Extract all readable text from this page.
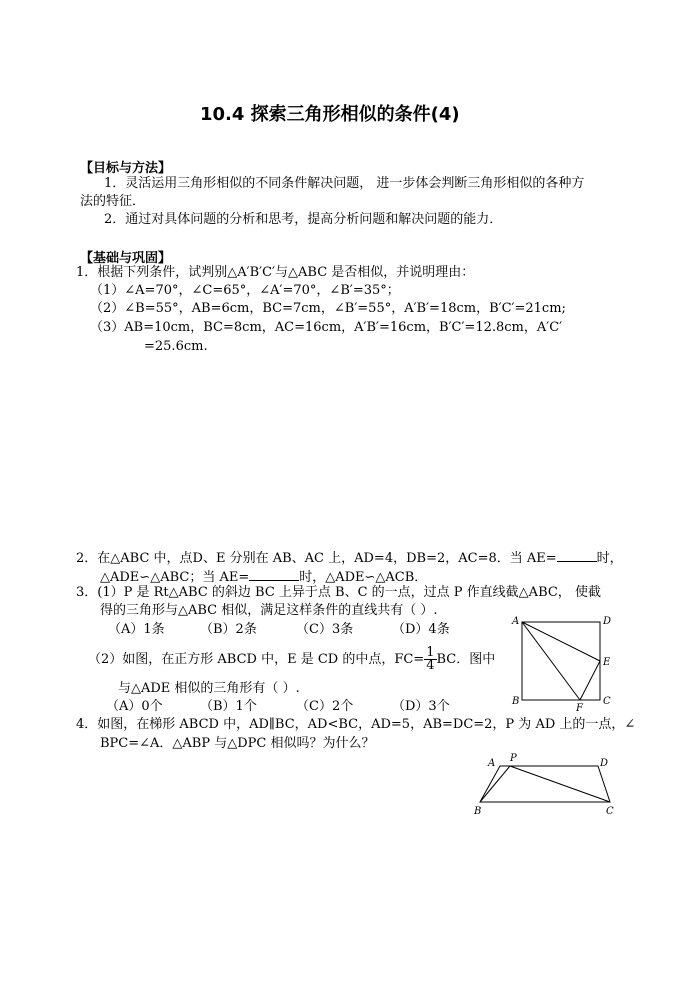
10.4 探索三角形相似的条件(4)
【目标与方法】
1．灵活运用三角形相似的不同条件解决问题， 进一步体会判断三角形相似的各种方
法的特征．
2．通过对具体问题的分析和思考，提高分析问题和解决问题的能力．
【基础与巩固】
1．根据下列条件，试判别△A′B′C′与△ABC 是否相似，并说明理由：
（1）∠A=70°，∠C=65°，∠A′=70°，∠B′=35°；
（2）∠B=55°，AB=6cm，BC=7cm，∠B′=55°，A′B′=18cm，B′C′=21cm;
（3）AB=10cm，BC=8cm，AC=16cm，A′B′=16cm，B′C′=12.8cm，A′C′
=25.6cm.
2．在△ABC 中，点D、E 分别在 AB、AC 上，AD=4，DB=2，AC=8．当 AE=	时，
△ADE∽△ABC；当 AE=	时，△ADE∽△ACB．
3．(1）P 是 Rt△ABC 的斜边 BC 上异于点 B、C 的一点，过点 P 作直线截△ABC， 使截
得的三角形与△ABC 相似，满足这样条件的直线共有（ ）.
（A）1条	（B）2条	（C）3条	（D）4条
（2）如图，在正方形 ABCD 中，E 是 CD 的中点，$FC= \frac{1}{4}$ BC．图中
与△ADE 相似的三角形有（ ）.
（A）0个	（B）1个	（C）2个	（D）3个
4．如图，在梯形 ABCD 中，AD∥BC，AD<BC，AD=5，AB=DC=2，P 为 AD 上的一点，∠
BPC=∠A．△ABP 与△DPC 相似吗？为什么？
A	D
E
B
F
C
A P	D
B	C
